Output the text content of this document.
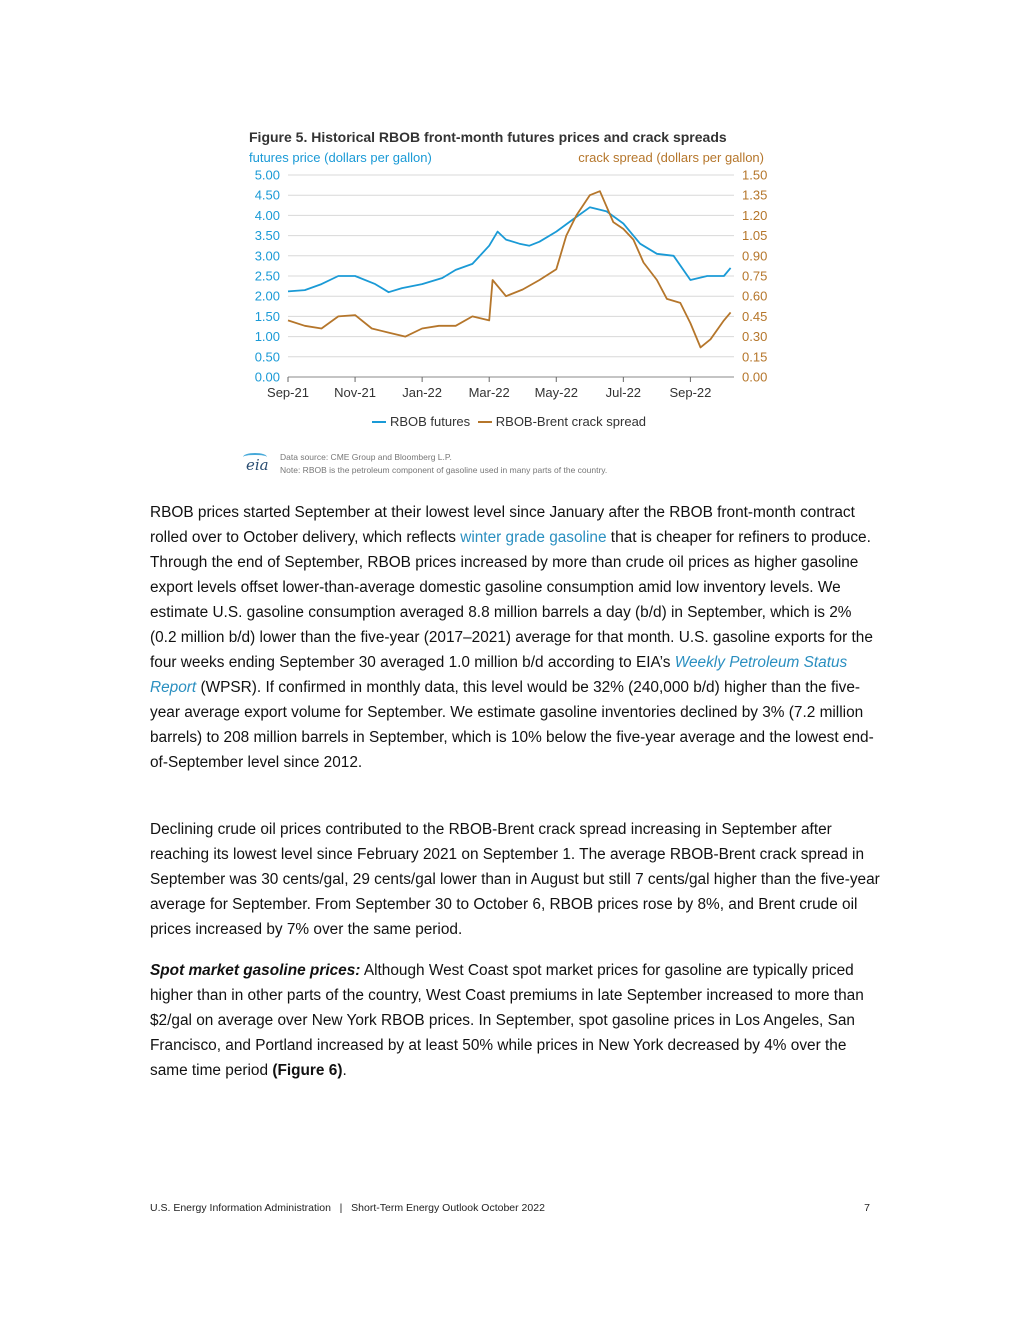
0.00
0.50
1.00
1.50
2.00
2.50
3.00
3.50
4.00
4.50
5.00
0.00
0.15
0.30
0.45
0.60
0.75
0.90
1.05
1.20
1.35
1.50
Sep-21 Nov-21 Jan-22 Mar-22 May-22 Jul-22 Sep-22
Figure 5. Historical RBOB front-month futures prices and crack spreads
futures price (dollars per gallon)	crack spread (dollars per gallon)
RBOB futures RBOB-Brent crack spread
eia Data source: CME Group and Bloomberg L.P.
Note: RBOB is the petroleum component of gasoline used in many parts of the country.

RBOB prices started September at their lowest level since January after the RBOB front-month contract rolled over to October delivery, which reflects winter grade gasoline that is cheaper for refiners to produce. Through the end of September, RBOB prices increased by more than crude oil prices as higher gasoline export levels offset lower-than-average domestic gasoline consumption amid low inventory levels. We estimate U.S. gasoline consumption averaged 8.8 million barrels a day (b/d) in September, which is 2% (0.2 million b/d) lower than the five-year (2017–2021) average for that month. U.S. gasoline exports for the four weeks ending September 30 averaged 1.0 million b/d according to EIA’s Weekly Petroleum Status Report (WPSR). If confirmed in monthly data, this level would be 32% (240,000 b/d) higher than the five-year average export volume for September. We estimate gasoline inventories declined by 3% (7.2 million barrels) to 208 million barrels in September, which is 10% below the five-year average and the lowest end-of-September level since 2012.

Declining crude oil prices contributed to the RBOB-Brent crack spread increasing in September after reaching its lowest level since February 2021 on September 1. The average RBOB-Brent crack spread in September was 30 cents/gal, 29 cents/gal lower than in August but still 7 cents/gal higher than the five-year average for September. From September 30 to October 6, RBOB prices rose by 8%, and Brent crude oil prices increased by 7% over the same period.

Spot market gasoline prices: Although West Coast spot market prices for gasoline are typically priced higher than in other parts of the country, West Coast premiums in late September increased to more than $2/gal on average over New York RBOB prices. In September, spot gasoline prices in Los Angeles, San Francisco, and Portland increased by at least 50% while prices in New York decreased by 4% over the same time period (Figure 6).

U.S. Energy Information Administration   |   Short-Term Energy Outlook October 2022	7
